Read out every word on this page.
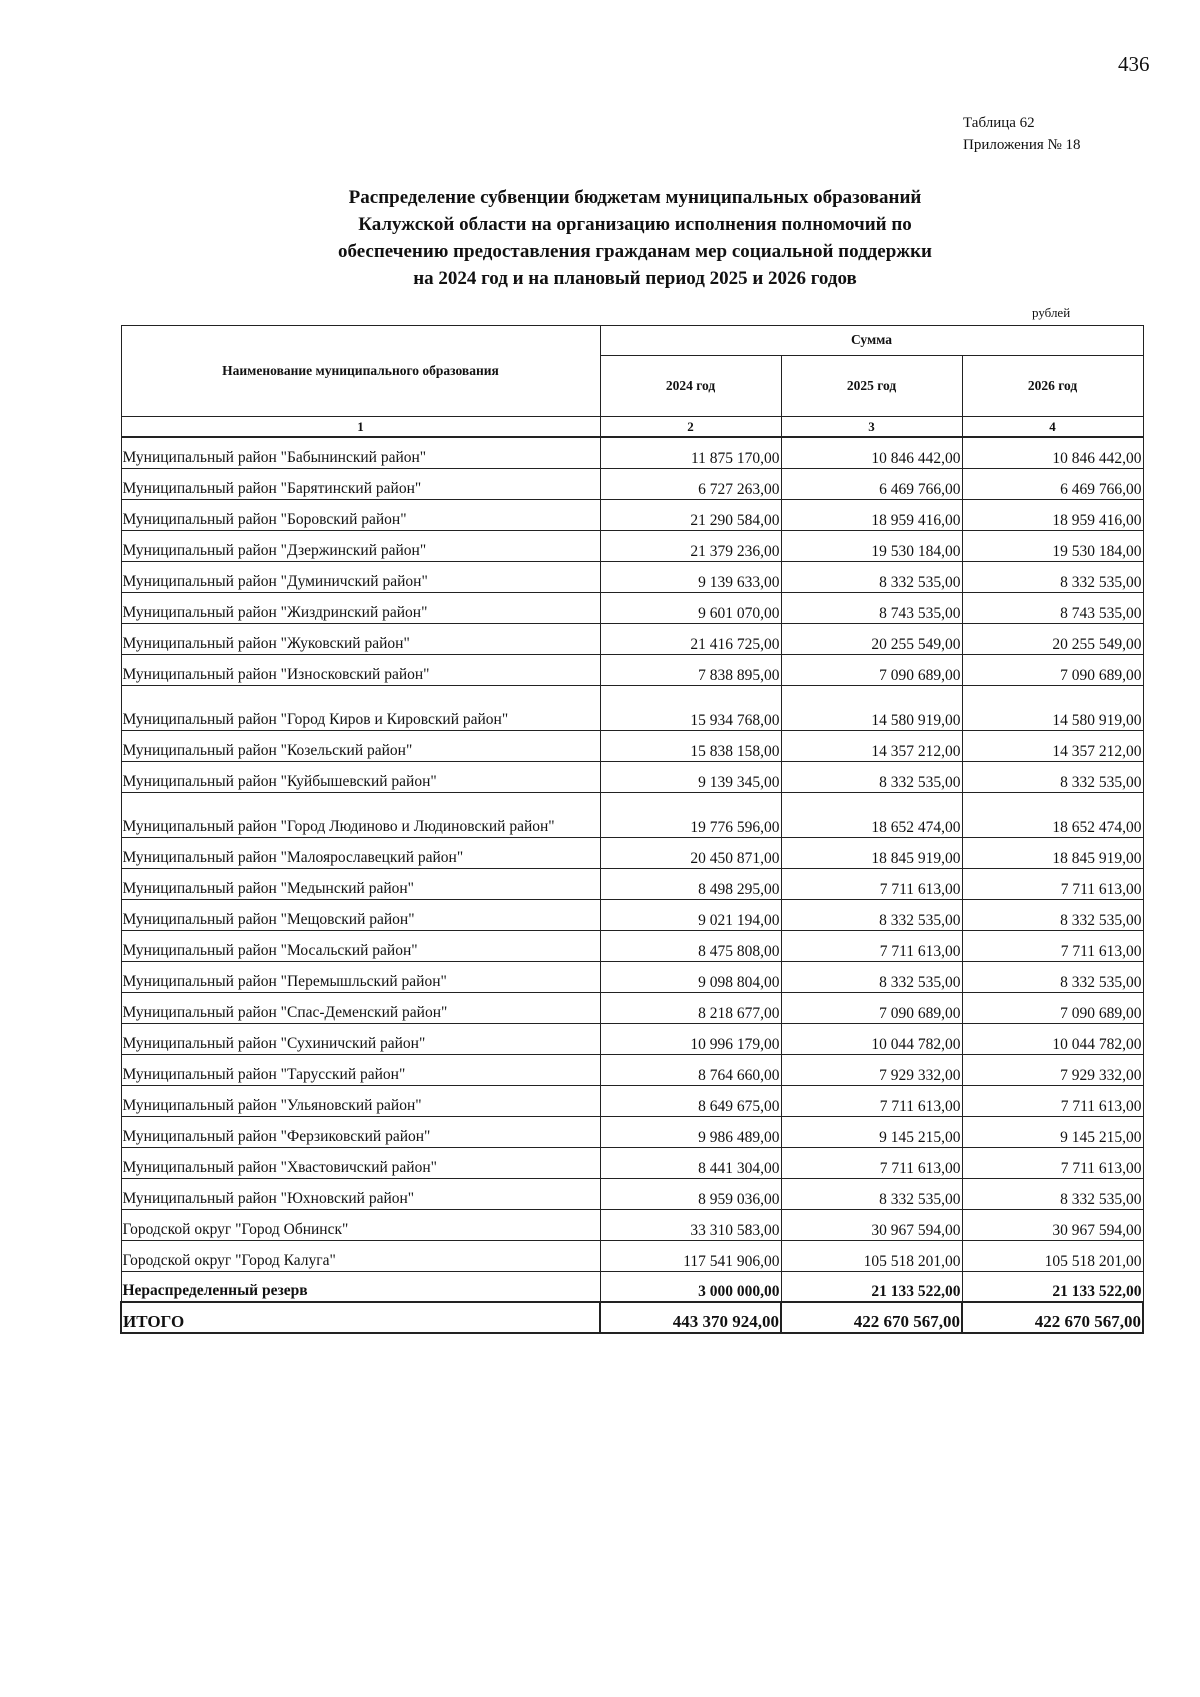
436
Таблица 62
Приложения № 18
Распределение субвенции бюджетам муниципальных образований
Калужской области на организацию исполнения полномочий по
обеспечению предоставления гражданам мер социальной поддержки
на 2024 год и на плановый период 2025 и 2026 годов
рублей
Наименование муниципального образования	Сумма		
	2024 год	2025 год	2026 год
1	2	3	4
Муниципальный район "Бабынинский район"	11 875 170,00	10 846 442,00	10 846 442,00
Муниципальный район "Барятинский район"	6 727 263,00	6 469 766,00	6 469 766,00
Муниципальный район "Боровский район"	21 290 584,00	18 959 416,00	18 959 416,00
Муниципальный район "Дзержинский район"	21 379 236,00	19 530 184,00	19 530 184,00
Муниципальный район "Думиничский район"	9 139 633,00	8 332 535,00	8 332 535,00
Муниципальный район "Жиздринский район"	9 601 070,00	8 743 535,00	8 743 535,00
Муниципальный район "Жуковский район"	21 416 725,00	20 255 549,00	20 255 549,00
Муниципальный район "Износковский район"	7 838 895,00	7 090 689,00	7 090 689,00
Муниципальный район "Город Киров и Кировский район"	15 934 768,00	14 580 919,00	14 580 919,00
Муниципальный район "Козельский район"	15 838 158,00	14 357 212,00	14 357 212,00
Муниципальный район "Куйбышевский район"	9 139 345,00	8 332 535,00	8 332 535,00
Муниципальный район "Город Людиново и Людиновский район"	19 776 596,00	18 652 474,00	18 652 474,00
Муниципальный район "Малоярославецкий район"	20 450 871,00	18 845 919,00	18 845 919,00
Муниципальный район "Медынский район"	8 498 295,00	7 711 613,00	7 711 613,00
Муниципальный район "Мещовский район"	9 021 194,00	8 332 535,00	8 332 535,00
Муниципальный район "Мосальский район"	8 475 808,00	7 711 613,00	7 711 613,00
Муниципальный район "Перемышльский район"	9 098 804,00	8 332 535,00	8 332 535,00
Муниципальный район "Спас-Деменский район"	8 218 677,00	7 090 689,00	7 090 689,00
Муниципальный район "Сухиничский район"	10 996 179,00	10 044 782,00	10 044 782,00
Муниципальный район "Тарусский район"	8 764 660,00	7 929 332,00	7 929 332,00
Муниципальный район "Ульяновский район"	8 649 675,00	7 711 613,00	7 711 613,00
Муниципальный район "Ферзиковский район"	9 986 489,00	9 145 215,00	9 145 215,00
Муниципальный район "Хвастовичский район"	8 441 304,00	7 711 613,00	7 711 613,00
Муниципальный район "Юхновский район"	8 959 036,00	8 332 535,00	8 332 535,00
Городской округ "Город Обнинск"	33 310 583,00	30 967 594,00	30 967 594,00
Городской округ "Город Калуга"	117 541 906,00	105 518 201,00	105 518 201,00
Нераспределенный резерв	3 000 000,00	21 133 522,00	21 133 522,00
ИТОГО	443 370 924,00	422 670 567,00	422 670 567,00
